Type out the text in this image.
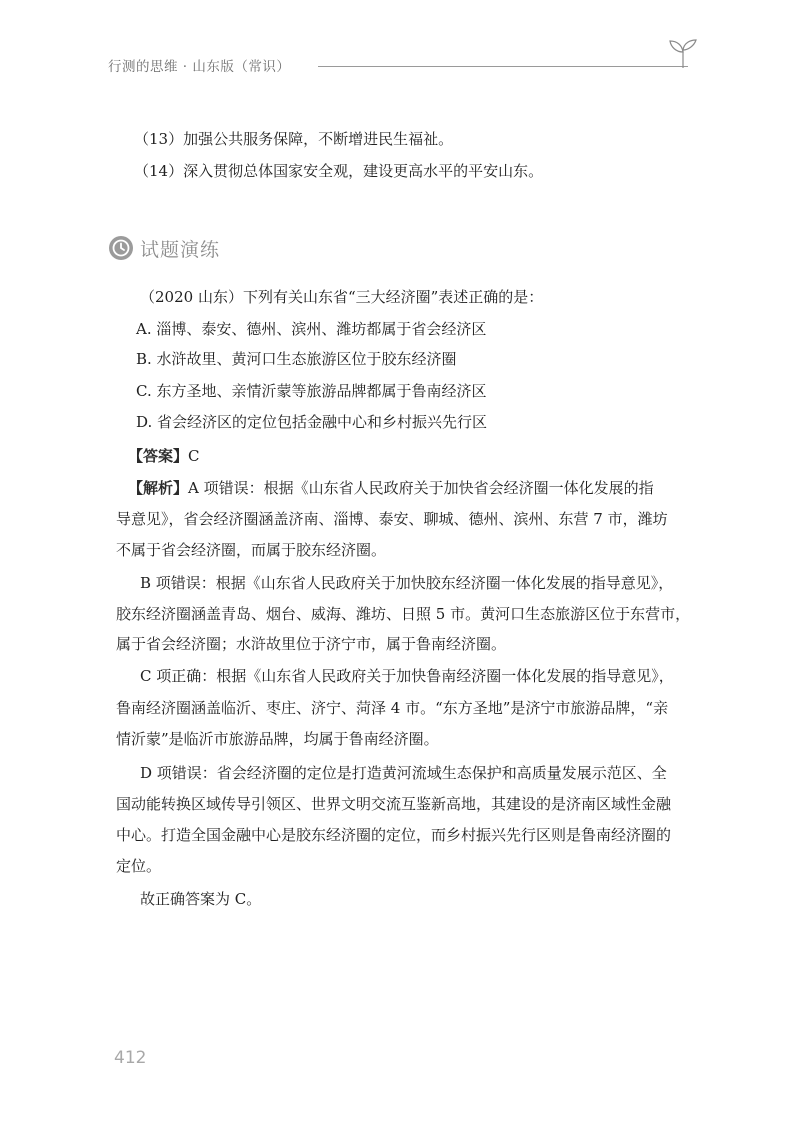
行测的思维 · 山东版（常识）
（13）加强公共服务保障，不断增进民生福祉。
（14）深入贯彻总体国家安全观，建设更高水平的平安山东。
试题演练
（2020 山东）下列有关山东省“三大经济圈”表述正确的是：
A. 淄博、泰安、德州、滨州、潍坊都属于省会经济区
B. 水浒故里、黄河口生态旅游区位于胶东经济圈
C. 东方圣地、亲情沂蒙等旅游品牌都属于鲁南经济区
D. 省会经济区的定位包括金融中心和乡村振兴先行区
【答案】C
【解析】A 项错误：根据《山东省人民政府关于加快省会经济圈一体化发展的指
导意见》，省会经济圈涵盖济南、淄博、泰安、聊城、德州、滨州、东营 7 市，潍坊
不属于省会经济圈，而属于胶东经济圈。
B 项错误：根据《山东省人民政府关于加快胶东经济圈一体化发展的指导意见》，
胶东经济圈涵盖青岛、烟台、威海、潍坊、日照 5 市。黄河口生态旅游区位于东营市，
属于省会经济圈；水浒故里位于济宁市，属于鲁南经济圈。
C 项正确：根据《山东省人民政府关于加快鲁南经济圈一体化发展的指导意见》，
鲁南经济圈涵盖临沂、枣庄、济宁、菏泽 4 市。“东方圣地”是济宁市旅游品牌，“亲
情沂蒙”是临沂市旅游品牌，均属于鲁南经济圈。
D 项错误：省会经济圈的定位是打造黄河流域生态保护和高质量发展示范区、全
国动能转换区域传导引领区、世界文明交流互鉴新高地，其建设的是济南区域性金融
中心。打造全国金融中心是胶东经济圈的定位，而乡村振兴先行区则是鲁南经济圈的
定位。
故正确答案为 C。
412
